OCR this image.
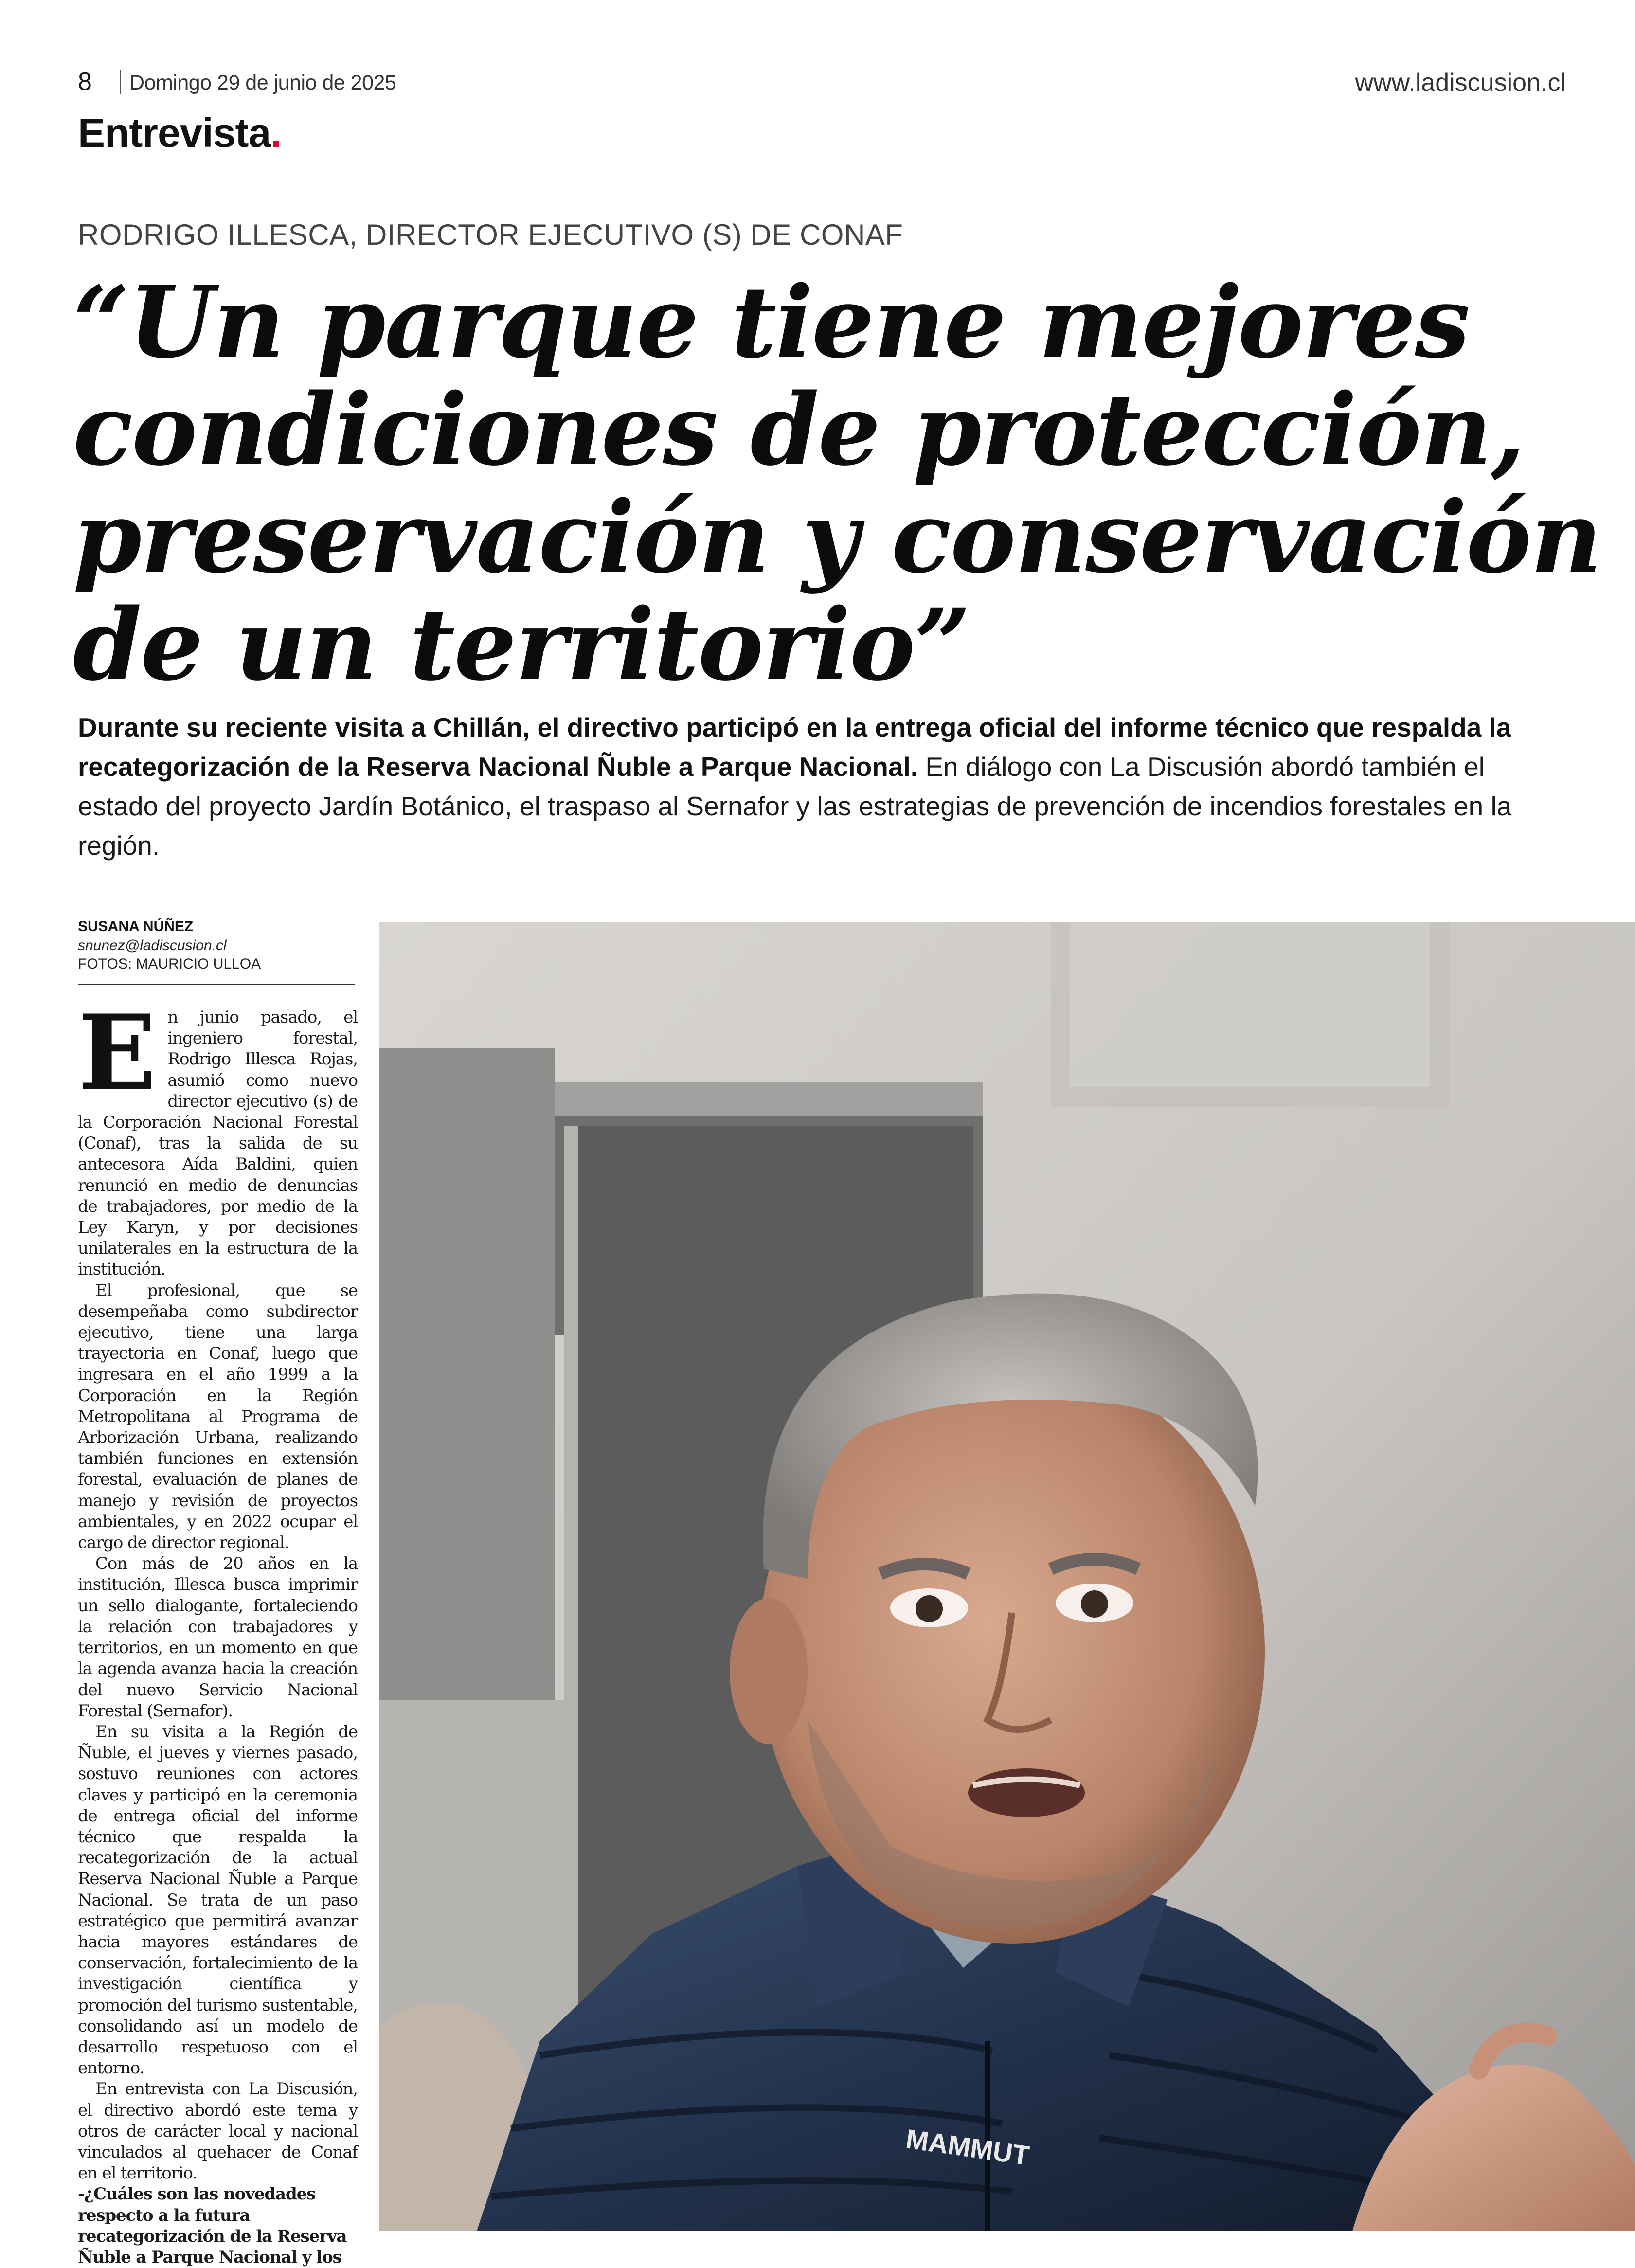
8 Domingo 29 de junio de 2025	www.ladiscusion.cl
Entrevista.
RODRIGO ILLESCA, DIRECTOR EJECUTIVO (S) DE CONAF
“Un parque tiene mejores
condiciones de protección,
preservación y conservación
de un territorio”

Durante su reciente visita a Chillán, el directivo participó en la entrega oficial del informe técnico que respalda la recategorización de la Reserva Nacional Ñuble a Parque Nacional. En diálogo con La Discusión abordó también el estado del proyecto Jardín Botánico, el traspaso al Sernafor y las estrategias de prevención de incendios forestales en la región.

SUSANA NÚÑEZ
snunez@ladiscusion.cl
FOTOS: MAURICIO ULLOA

En junio pasado, el ingeniero forestal, Rodrigo Illesca Rojas, asumió como nuevo director ejecutivo (s) de la Corporación Nacional Forestal (Conaf), tras la salida de su antecesora Aída Baldini, quien renunció en medio de denuncias de trabajadores, por medio de la Ley Karyn, y por decisiones unilaterales en la estructura de la institución.

El profesional, que se desempeñaba como subdirector ejecutivo, tiene una larga trayectoria en Conaf, luego que ingresara en el año 1999 a la Corporación en la Región Metropolitana al Programa de Arborización Urbana, realizando también funciones en extensión forestal, evaluación de planes de manejo y revisión de proyectos ambientales, y en 2022 ocupar el cargo de director regional.

Con más de 20 años en la institución, Illesca busca imprimir un sello dialogante, fortaleciendo la relación con trabajadores y territorios, en un momento en que la agenda avanza hacia la creación del nuevo Servicio Nacional Forestal (Sernafor).

En su visita a la Región de Ñuble, el jueves y viernes pasado, sostuvo reuniones con actores claves y participó en la ceremonia de entrega oficial del informe técnico que respalda la recategorización de la actual Reserva Nacional Ñuble a Parque Nacional. Se trata de un paso estratégico que permitirá avanzar hacia mayores estándares de conservación, fortalecimiento de la investigación científica y promoción del turismo sustentable, consolidando así un modelo de desarrollo respetuoso con el entorno.

En entrevista con La Discusión, el directivo abordó este tema y otros de carácter local y nacional vinculados al quehacer de Conaf en el territorio.

-¿Cuáles son las novedades respecto a la futura recategorización de la Reserva Ñuble a Parque Nacional y los

MAMMUT
